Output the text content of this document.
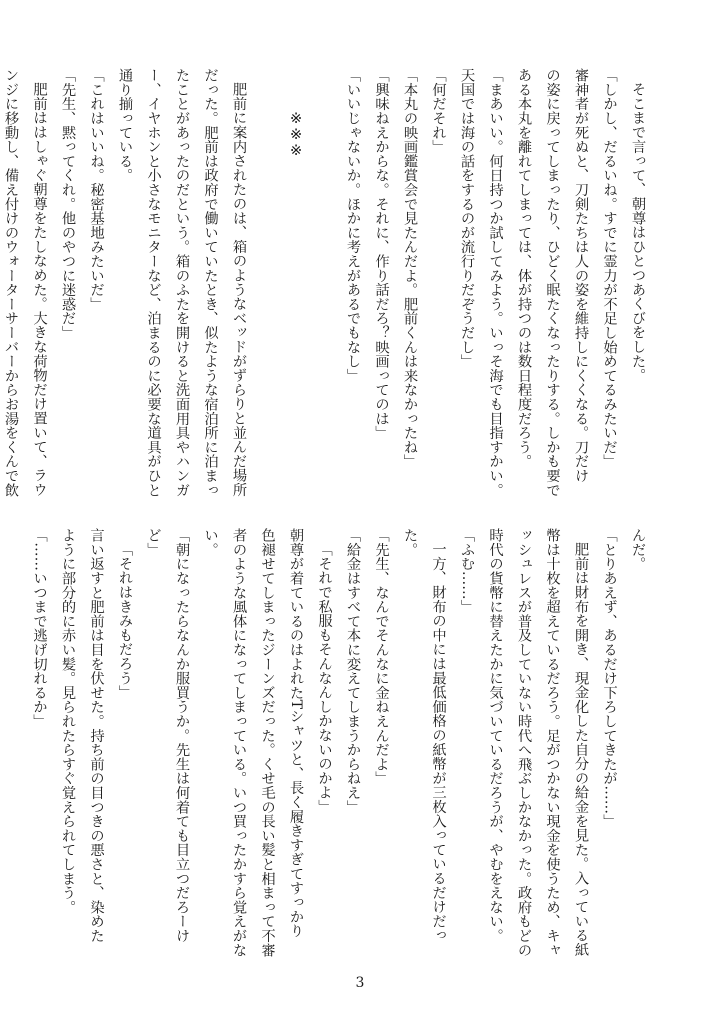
そこまで言って、朝尊はひとつあくびをした。

「しかし、だるいね。すでに霊力が不足し始めてるみたいだ」

審神者が死ぬと、刀剣たちは人の姿を維持しにくくなる。刀だけ

の姿に戻ってしまったり、ひどく眠たくなったりする。しかも要で

ある本丸を離れてしまっては、体が持つのは数日程度だろう。

「まあいい。何日持つか試してみよう。いっそ海でも目指すかい。

天国では海の話をするのが流行りだぞうだし」

「何だそれ」

「本丸の映画鑑賞会で見たんだよ。肥前くんは来なかったね」

「興味ねえからな。それに、作り話だろ？映画ってのは」

「いいじゃないか。ほかに考えがあるでもなし」

※※※

肥前に案内されたのは、箱のようなベッドがずらりと並んだ場所

だった。肥前は政府で働いていたとき、似たような宿泊所に泊まっ

たことがあったのだという。箱のふたを開けると洗面用具やハンガ

ー、イヤホンと小さなモニターなど、泊まるのに必要な道具がひと

通り揃っている。

「これはいいね。秘密基地みたいだ」

「先生、黙ってくれ。他のやつに迷惑だ」

肥前ははしゃぐ朝尊をたしなめた。大きな荷物だけ置いて、ラウ

ンジに移動し、備え付けのウォーターサーバーからお湯をくんで飲

んだ。

「とりあえず、あるだけ下ろしてきたが……」

肥前は財布を開き、現金化した自分の給金を見た。入っている紙

幣は十枚を超えているだろう。足がつかない現金を使うため、キャ

ッシュレスが普及していない時代へ飛ぶしかなかった。政府もどの

時代の貨幣に替えたかに気づいているだろうが、やむをえない。

「ふむ……」

一方、財布の中には最低価格の紙幣が三枚入っているだけだっ

た。

「先生、なんでそんなに金ねえんだよ」

「給金はすべて本に変えてしまうからねえ」

「それで私服もそんなんしかないのかよ」

朝尊が着ているのはよれたTシャツと、長く履きすぎてすっかり

色褪せてしまったジーンズだった。くせ毛の長い髪と相まって不審

者のような風体になってしまっている。いつ買ったかすら覚えがな

い。

「朝になったらなんか服買うか。先生は何着ても目立つだろーけ

ど」

「それはきみもだろう」

言い返すと肥前は目を伏せた。持ち前の目つきの悪さと、染めた

ように部分的に赤い髪。見られたらすぐ覚えられてしまう。

「……いつまで逃げ切れるか」

3
